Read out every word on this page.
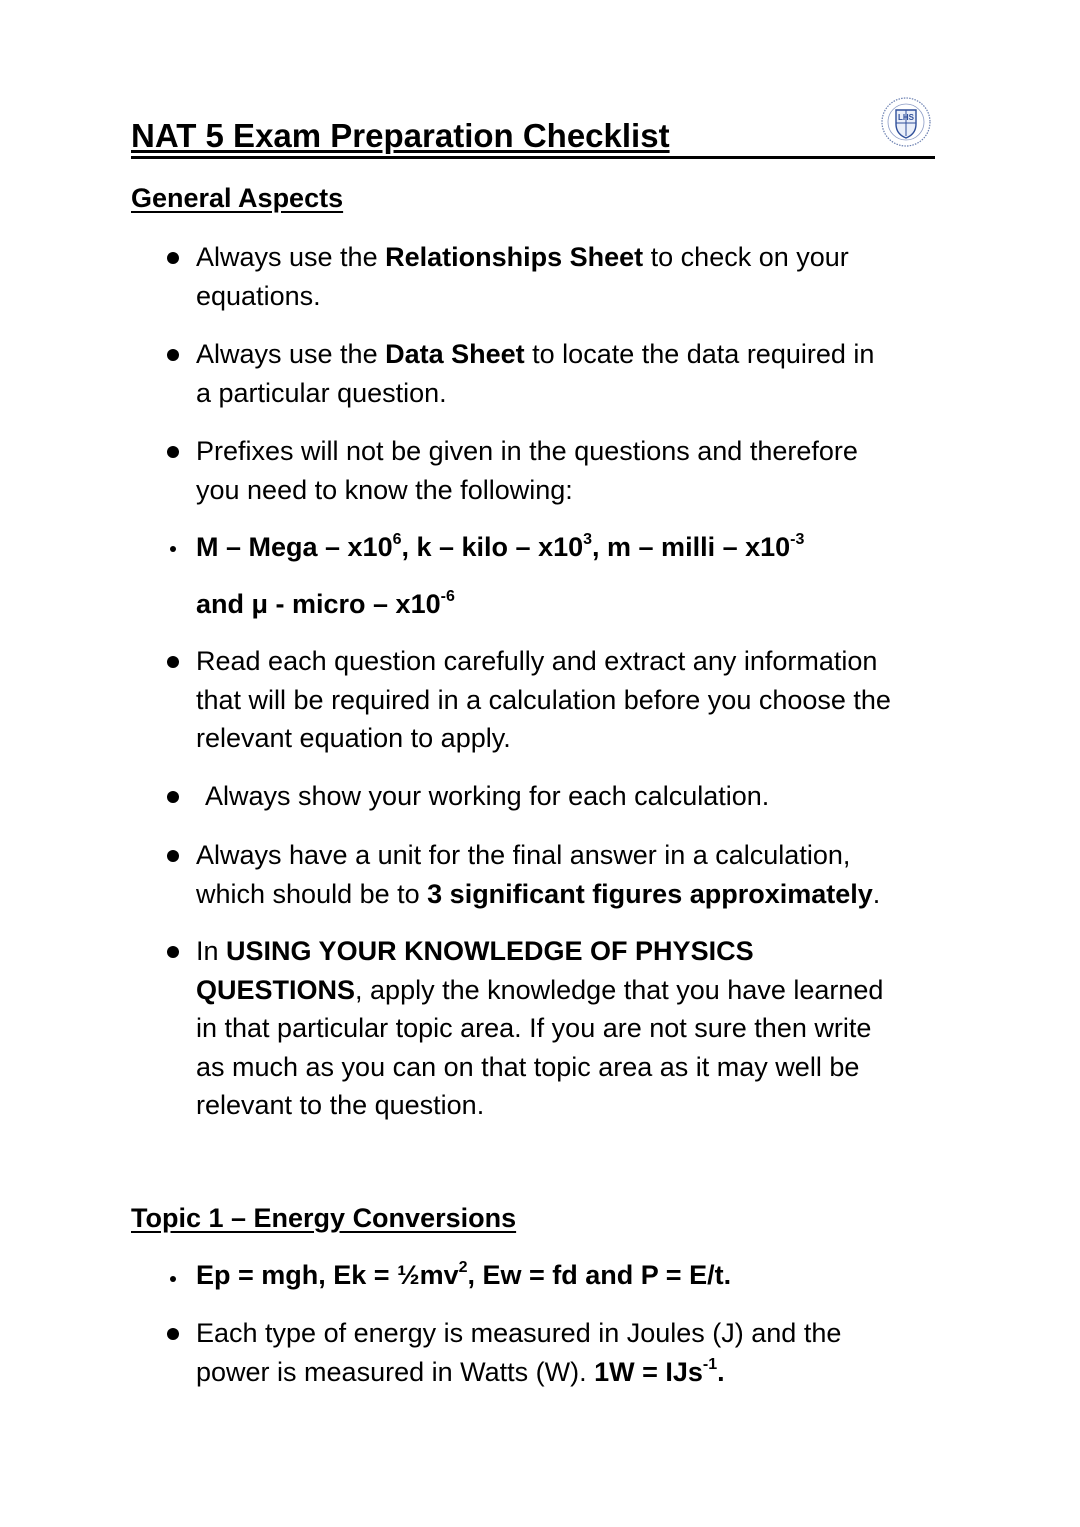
NAT 5 Exam Preparation Checklist	LHS
General Aspects
Always use the Relationships Sheet to check on your
equations.
Always use the Data Sheet to locate the data required in
a particular question.
Prefixes will not be given in the questions and therefore
you need to know the following:
M – Mega – $x10^6$, k – kilo – $x10^3$, m – milli – $x10^{-3}$
and μ - micro – $x10^{-6}$
Read each question carefully and extract any information
that will be required in a calculation before you choose the
relevant equation to apply.
Always show your working for each calculation.
Always have a unit for the final answer in a calculation,
which should be to 3 significant figures approximately.
In USING YOUR KNOWLEDGE OF PHYSICS
QUESTIONS, apply the knowledge that you have learned
in that particular topic area. If you are not sure then write
as much as you can on that topic area as it may well be
relevant to the question.
Topic 1 – Energy Conversions
Ep = mgh, $Ek = \frac{1}{2}mv^2$, Ew = fd and P = E/t.
Each type of energy is measured in Joules (J) and the
power is measured in Watts (W). 1W = IJs$^{-1}$.
